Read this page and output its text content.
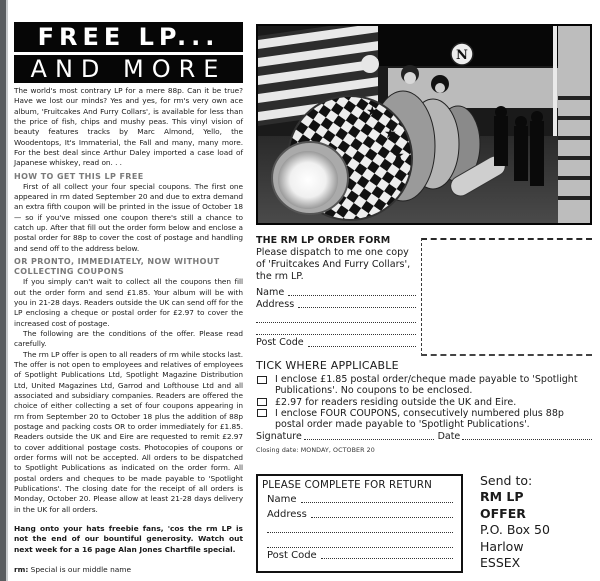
FREE LP...
AND MORE

The world's most contrary LP for a mere 88p. Can it be true? Have we lost our minds? Yes and yes, for rm's very own ace album, 'Fruitcakes And Furry Collars', is available for less than the price of fish, chips and mushy peas. This vinyl vision of beauty features tracks by Marc Almond, Yello, the Woodentops, It's Immaterial, the Fall and many, many more. For the best deal since Arthur Daley imported a case load of Japanese whiskey, read on. . .

HOW TO GET THIS LP FREE

First of all collect your four special coupons. The first one appeared in rm dated September 20 and due to extra demand an extra fifth coupon will be printed in the issue of October 18 — so if you've missed one coupon there's still a chance to catch up. After that fill out the order form below and enclose a postal order for 88p to cover the cost of postage and handling and send off to the address below.

OR PRONTO, IMMEDIATELY, NOW WITHOUT COLLECTING COUPONS

If you simply can't wait to collect all the coupons then fill out the order form and send £1.85. Your album will be with you in 21-28 days. Readers outside the UK can send off for the LP enclosing a cheque or postal order for £2.97 to cover the increased cost of postage.

The following are the conditions of the offer. Please read carefully.

The rm LP offer is open to all readers of rm while stocks last. The offer is not open to employees and relatives of employees of Spotlight Publications Ltd, Spotlight Magazine Distribution Ltd, United Magazines Ltd, Garrod and Lofthouse Ltd and all associated and subsidiary companies. Readers are offered the choice of either collecting a set of four coupons appearing in rm from September 20 to October 18 plus the addition of 88p postage and packing costs OR to order immediately for £1.85. Readers outside the UK and Eire are requested to remit £2.97 to cover additional postage costs. Photocopies of coupons or order forms will not be accepted. All orders to be dispatched to Spotlight Publications as indicated on the order form. All postal orders and cheques to be made payable to 'Spotlight Publications'. The closing date for the receipt of all orders is Monday, October 20. Please allow at least 21-28 days delivery in the UK for all orders.

Hang onto your hats freebie fans, 'cos the rm LP is not the end of our bountiful generosity. Watch out next week for a 16 page Alan Jones Chartfile special.

rm: Special is our middle name

N
★
★
★
THE RM LP ORDER FORM
Please dispatch to me one copy of 'Fruitcakes And Furry Collars', the rm LP.
Name
Address
Post Code
TICK WHERE APPLICABLE
I enclose £1.85 postal order/cheque made payable to 'Spotlight Publications'. No coupons to be enclosed.
£2.97 for readers residing outside the UK and Eire.
I enclose FOUR COUPONS, consecutively numbered plus 88p postal order made payable to 'Spotlight Publications'.
Signature	Date
Closing date: MONDAY, OCTOBER 20
PLEASE COMPLETE FOR RETURN
Name
Address
Post Code
Send to:
RM LP
OFFER
P.O. Box 50
Harlow
ESSEX
